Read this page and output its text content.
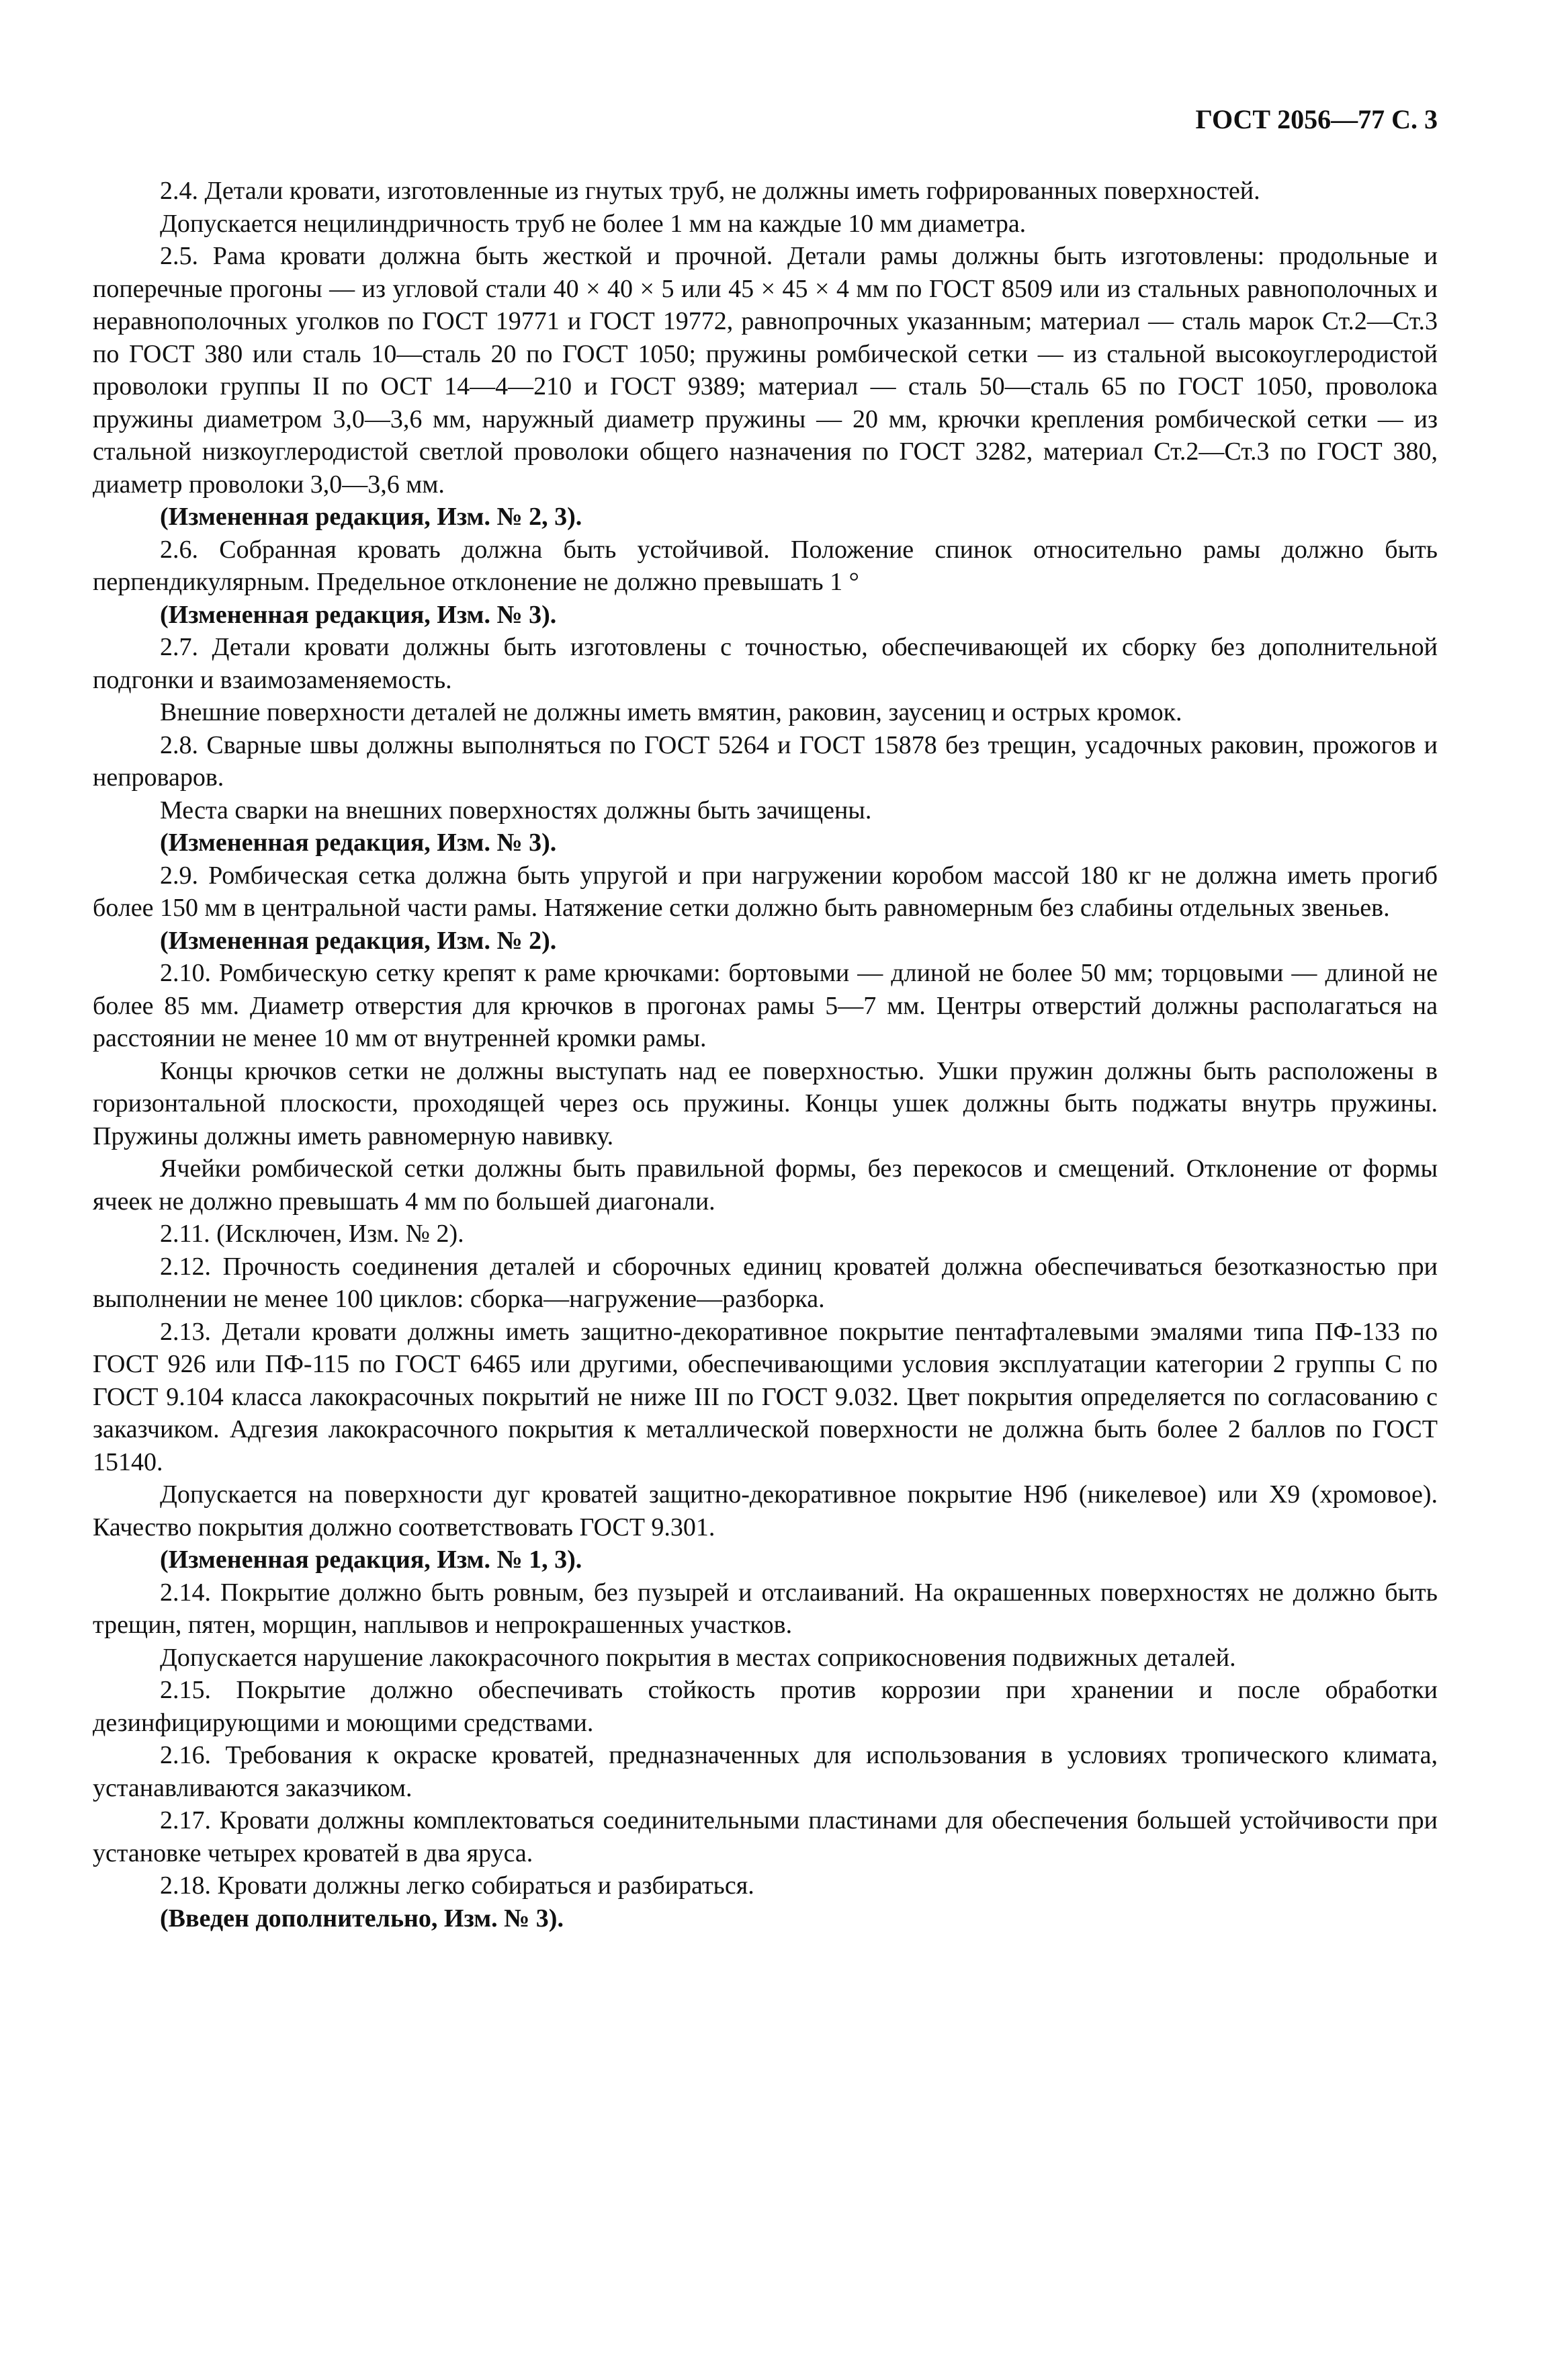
ГОСТ 2056—77 С. 3

2.4. Детали кровати, изготовленные из гнутых труб, не должны иметь гофрированных поверхностей.

Допускается нецилиндричность труб не более 1 мм на каждые 10 мм диаметра.

2.5. Рама кровати должна быть жесткой и прочной. Детали рамы должны быть изготовлены: продольные и поперечные прогоны — из угловой стали 40 × 40 × 5 или 45 × 45 × 4 мм по ГОСТ 8509 или из стальных равнополочных и неравнополочных уголков по ГОСТ 19771 и ГОСТ 19772, равнопрочных указанным; материал — сталь марок Ст.2—Ст.3 по ГОСТ 380 или сталь 10—сталь 20 по ГОСТ 1050; пружины ромбической сетки — из стальной высокоуглеродистой проволоки группы II по ОСТ 14—4—210 и ГОСТ 9389; материал — сталь 50—сталь 65 по ГОСТ 1050, проволока пружины диаметром 3,0—3,6 мм, наружный диаметр пружины — 20 мм, крючки крепления ромбической сетки — из стальной низкоуглеродистой светлой проволоки общего назначения по ГОСТ 3282, материал Ст.2—Ст.3 по ГОСТ 380, диаметр проволоки 3,0—3,6 мм.

(Измененная редакция, Изм. № 2, 3).

2.6. Собранная кровать должна быть устойчивой. Положение спинок относительно рамы должно быть перпендикулярным. Предельное отклонение не должно превышать 1 °

(Измененная редакция, Изм. № 3).

2.7. Детали кровати должны быть изготовлены с точностью, обеспечивающей их сборку без дополнительной подгонки и взаимозаменяемость.

Внешние поверхности деталей не должны иметь вмятин, раковин, заусениц и острых кромок.

2.8. Сварные швы должны выполняться по ГОСТ 5264 и ГОСТ 15878 без трещин, усадочных раковин, прожогов и непроваров.

Места сварки на внешних поверхностях должны быть зачищены.

(Измененная редакция, Изм. № 3).

2.9. Ромбическая сетка должна быть упругой и при нагружении коробом массой 180 кг не должна иметь прогиб более 150 мм в центральной части рамы. Натяжение сетки должно быть равномерным без слабины отдельных звеньев.

(Измененная редакция, Изм. № 2).

2.10. Ромбическую сетку крепят к раме крючками: бортовыми — длиной не более 50 мм; торцовыми — длиной не более 85 мм. Диаметр отверстия для крючков в прогонах рамы 5—7 мм. Центры отверстий должны располагаться на расстоянии не менее 10 мм от внутренней кромки рамы.

Концы крючков сетки не должны выступать над ее поверхностью. Ушки пружин должны быть расположены в горизонтальной плоскости, проходящей через ось пружины. Концы ушек должны быть поджаты внутрь пружины. Пружины должны иметь равномерную навивку.

Ячейки ромбической сетки должны быть правильной формы, без перекосов и смещений. Отклонение от формы ячеек не должно превышать 4 мм по большей диагонали.

2.11. (Исключен, Изм. № 2).

2.12. Прочность соединения деталей и сборочных единиц кроватей должна обеспечиваться безотказностью при выполнении не менее 100 циклов: сборка—нагружение—разборка.

2.13. Детали кровати должны иметь защитно-декоративное покрытие пентафталевыми эмалями типа ПФ-133 по ГОСТ 926 или ПФ-115 по ГОСТ 6465 или другими, обеспечивающими условия эксплуатации категории 2 группы С по ГОСТ 9.104 класса лакокрасочных покрытий не ниже III по ГОСТ 9.032. Цвет покрытия определяется по согласованию с заказчиком. Адгезия лакокрасочного покрытия к металлической поверхности не должна быть более 2 баллов по ГОСТ 15140.

Допускается на поверхности дуг кроватей защитно-декоративное покрытие Н9б (никелевое) или Х9 (хромовое). Качество покрытия должно соответствовать ГОСТ 9.301.

(Измененная редакция, Изм. № 1, 3).

2.14. Покрытие должно быть ровным, без пузырей и отслаиваний. На окрашенных поверхностях не должно быть трещин, пятен, морщин, наплывов и непрокрашенных участков.

Допускается нарушение лакокрасочного покрытия в местах соприкосновения подвижных деталей.

2.15. Покрытие должно обеспечивать стойкость против коррозии при хранении и после обработки дезинфицирующими и моющими средствами.

2.16. Требования к окраске кроватей, предназначенных для использования в условиях тропического климата, устанавливаются заказчиком.

2.17. Кровати должны комплектоваться соединительными пластинами для обеспечения большей устойчивости при установке четырех кроватей в два яруса.

2.18. Кровати должны легко собираться и разбираться.

(Введен дополнительно, Изм. № 3).
